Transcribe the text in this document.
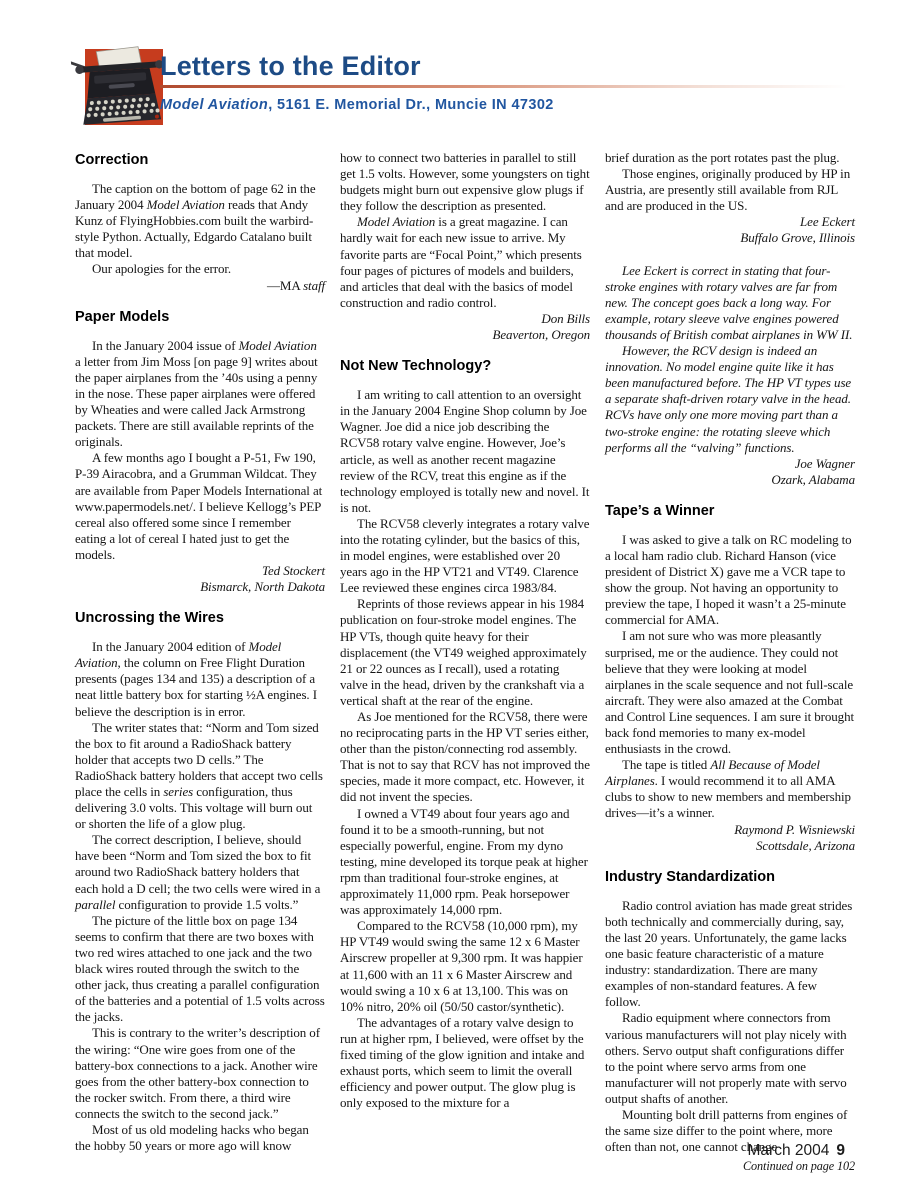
Letters to the Editor
Model Aviation, 5161 E. Memorial Dr., Muncie IN 47302
Correction

The caption on the bottom of page 62 in the January 2004 Model Aviation reads that Andy Kunz of FlyingHobbies.com built the warbird-style Python. Actually, Edgardo Catalano built that model.

Our apologies for the error.

—MA staff
Paper Models

In the January 2004 issue of Model Aviation a letter from Jim Moss [on page 9] writes about the paper airplanes from the ’40s using a penny in the nose. These paper airplanes were offered by Wheaties and were called Jack Armstrong packets. There are still available reprints of the originals.

A few months ago I bought a P-51, Fw 190, P-39 Airacobra, and a Grumman Wildcat. They are available from Paper Models International at www.papermodels.net/. I believe Kellogg’s PEP cereal also offered some since I remember eating a lot of cereal I hated just to get the models.

Ted Stockert
Bismarck, North Dakota
Uncrossing the Wires

In the January 2004 edition of Model Aviation, the column on Free Flight Duration presents (pages 134 and 135) a description of a neat little battery box for starting ½A engines. I believe the description is in error.

The writer states that: “Norm and Tom sized the box to fit around a RadioShack battery holder that accepts two D cells.” The RadioShack battery holders that accept two cells place the cells in series configuration, thus delivering 3.0 volts. This voltage will burn out or shorten the life of a glow plug.

The correct description, I believe, should have been “Norm and Tom sized the box to fit around two RadioShack battery holders that each hold a D cell; the two cells were wired in a parallel configuration to provide 1.5 volts.”

The picture of the little box on page 134 seems to confirm that there are two boxes with two red wires attached to one jack and the two black wires routed through the switch to the other jack, thus creating a parallel configuration of the batteries and a potential of 1.5 volts across the jacks.

This is contrary to the writer’s description of the wiring: “One wire goes from one of the battery-box connections to a jack. Another wire goes from the other battery-box connection to the rocker switch. From there, a third wire connects the switch to the second jack.”

Most of us old modeling hacks who began the hobby 50 years or more ago will know

how to connect two batteries in parallel to still get 1.5 volts. However, some youngsters on tight budgets might burn out expensive glow plugs if they follow the description as presented.

Model Aviation is a great magazine. I can hardly wait for each new issue to arrive. My favorite parts are “Focal Point,” which presents four pages of pictures of models and builders, and articles that deal with the basics of model construction and radio control.

Don Bills
Beaverton, Oregon
Not New Technology?

I am writing to call attention to an oversight in the January 2004 Engine Shop column by Joe Wagner. Joe did a nice job describing the RCV58 rotary valve engine. However, Joe’s article, as well as another recent magazine review of the RCV, treat this engine as if the technology employed is totally new and novel. It is not.

The RCV58 cleverly integrates a rotary valve into the rotating cylinder, but the basics of this, in model engines, were established over 20 years ago in the HP VT21 and VT49. Clarence Lee reviewed these engines circa 1983/84.

Reprints of those reviews appear in his 1984 publication on four-stroke model engines. The HP VTs, though quite heavy for their displacement (the VT49 weighed approximately 21 or 22 ounces as I recall), used a rotating valve in the head, driven by the crankshaft via a vertical shaft at the rear of the engine.

As Joe mentioned for the RCV58, there were no reciprocating parts in the HP VT series either, other than the piston/connecting rod assembly. That is not to say that RCV has not improved the species, made it more compact, etc. However, it did not invent the species.

I owned a VT49 about four years ago and found it to be a smooth-running, but not especially powerful, engine. From my dyno testing, mine developed its torque peak at higher rpm than traditional four-stroke engines, at approximately 11,000 rpm. Peak horsepower was approximately 14,000 rpm.

Compared to the RCV58 (10,000 rpm), my HP VT49 would swing the same 12 x 6 Master Airscrew propeller at 9,300 rpm. It was happier at 11,600 with an 11 x 6 Master Airscrew and would swing a 10 x 6 at 13,100. This was on 10% nitro, 20% oil (50/50 castor/synthetic).

The advantages of a rotary valve design to run at higher rpm, I believed, were offset by the fixed timing of the glow ignition and intake and exhaust ports, which seem to limit the overall efficiency and power output. The glow plug is only exposed to the mixture for a

brief duration as the port rotates past the plug.

Those engines, originally produced by HP in Austria, are presently still available from RJL and are produced in the US.

Lee Eckert
Buffalo Grove, Illinois

Lee Eckert is correct in stating that four-stroke engines with rotary valves are far from new. The concept goes back a long way. For example, rotary sleeve valve engines powered thousands of British combat airplanes in WW II.

However, the RCV design is indeed an innovation. No model engine quite like it has been manufactured before. The HP VT types use a separate shaft-driven rotary valve in the head. RCVs have only one more moving part than a two-stroke engine: the rotating sleeve which performs all the “valving” functions.

Joe Wagner
Ozark, Alabama
Tape’s a Winner

I was asked to give a talk on RC modeling to a local ham radio club. Richard Hanson (vice president of District X) gave me a VCR tape to show the group. Not having an opportunity to preview the tape, I hoped it wasn’t a 25-minute commercial for AMA.

I am not sure who was more pleasantly surprised, me or the audience. They could not believe that they were looking at model airplanes in the scale sequence and not full-scale aircraft. They were also amazed at the Combat and Control Line sequences. I am sure it brought back fond memories to many ex-model enthusiasts in the crowd.

The tape is titled All Because of Model Airplanes. I would recommend it to all AMA clubs to show to new members and membership drives—it’s a winner.

Raymond P. Wisniewski
Scottsdale, Arizona
Industry Standardization

Radio control aviation has made great strides both technically and commercially during, say, the last 20 years. Unfortunately, the game lacks one basic feature characteristic of a mature industry: standardization. There are many examples of non-standard features. A few follow.

Radio equipment where connectors from various manufacturers will not play nicely with others. Servo output shaft configurations differ to the point where servo arms from one manufacturer will not properly mate with servo output shafts of another.

Mounting bolt drill patterns from engines of the same size differ to the point where, more often than not, one cannot change

Continued on page 102
March 2004 9
